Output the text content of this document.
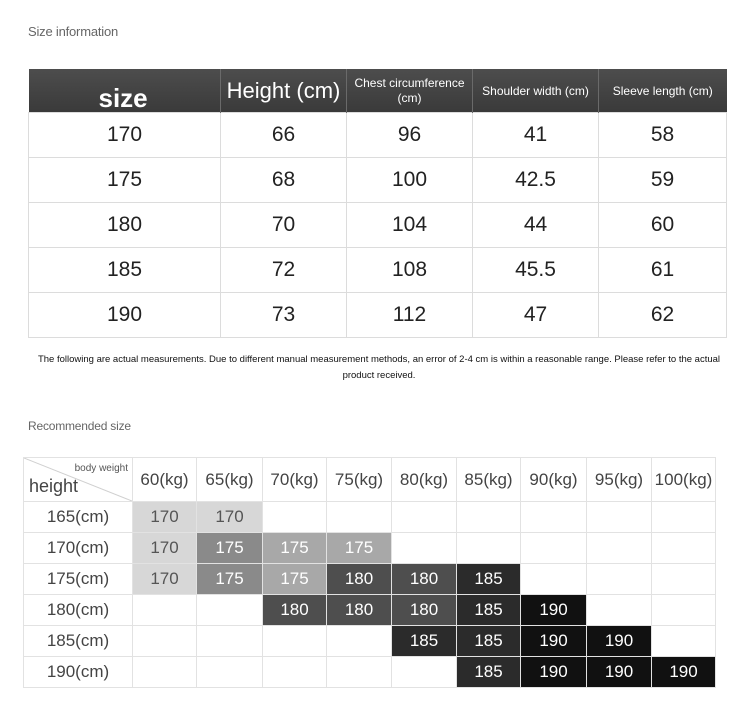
Size information
size	Height (cm)	Chest circumference (cm)	Shoulder width (cm)	Sleeve length (cm)
170	66	96	41	58
175	68	100	42.5	59
180	70	104	44	60
185	72	108	45.5	61
190	73	112	47	62
The following are actual measurements. Due to different manual measurement methods, an error of 2-4 cm is within a reasonable range. Please refer to the actual product received.
Recommended size
body weight
height	60(kg)	65(kg)	70(kg)	75(kg)	80(kg)	85(kg)	90(kg)	95(kg)	100(kg)
165(cm)	170	170							
170(cm)	170	175	175	175					
175(cm)	170	175	175	180	180	185			
180(cm)			180	180	180	185	190		
185(cm)					185	185	190	190	
190(cm)						185	190	190	190
